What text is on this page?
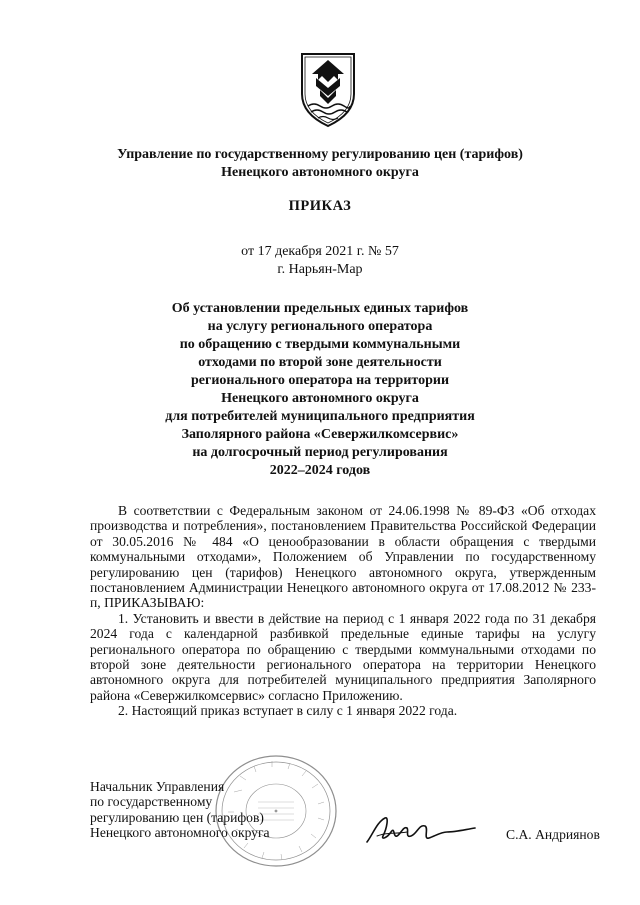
Управление по государственному регулированию цен (тарифов)
Ненецкого автономного округа
ПРИКАЗ
от 17 декабря 2021 г. № 57
г. Нарьян-Мар
Об установлении предельных единых тарифов
на услугу регионального оператора
по обращению с твердыми коммунальными
отходами по второй зоне деятельности
регионального оператора на территории
Ненецкого автономного округа
для потребителей муниципального предприятия
Заполярного района «Севержилкомсервис»
на долгосрочный период регулирования
2022–2024 годов

В соответствии с Федеральным законом от 24.06.1998 № 89-ФЗ «Об отходах производства и потребления», постановлением Правительства Российской Федерации от 30.05.2016 № 484 «О ценообразовании в области обращения с твердыми коммунальными отходами», Положением об Управлении по государственному регулированию цен (тарифов) Ненецкого автономного округа, утвержденным постановлением Администрации Ненецкого автономного округа от 17.08.2012 № 233-п, ПРИКАЗЫВАЮ:

1. Установить и ввести в действие на период с 1 января 2022 года по 31 декабря 2024 года с календарной разбивкой предельные единые тарифы на услугу регионального оператора по обращению с твердыми коммунальными отходами по второй зоне деятельности регионального оператора на территории Ненецкого автономного округа для потребителей муниципального предприятия Заполярного района «Севержилкомсервис» согласно Приложению.

2. Настоящий приказ вступает в силу с 1 января 2022 года.

Начальник Управления
по государственному
регулированию цен (тарифов)
Ненецкого автономного округа	С.А. Андриянов
